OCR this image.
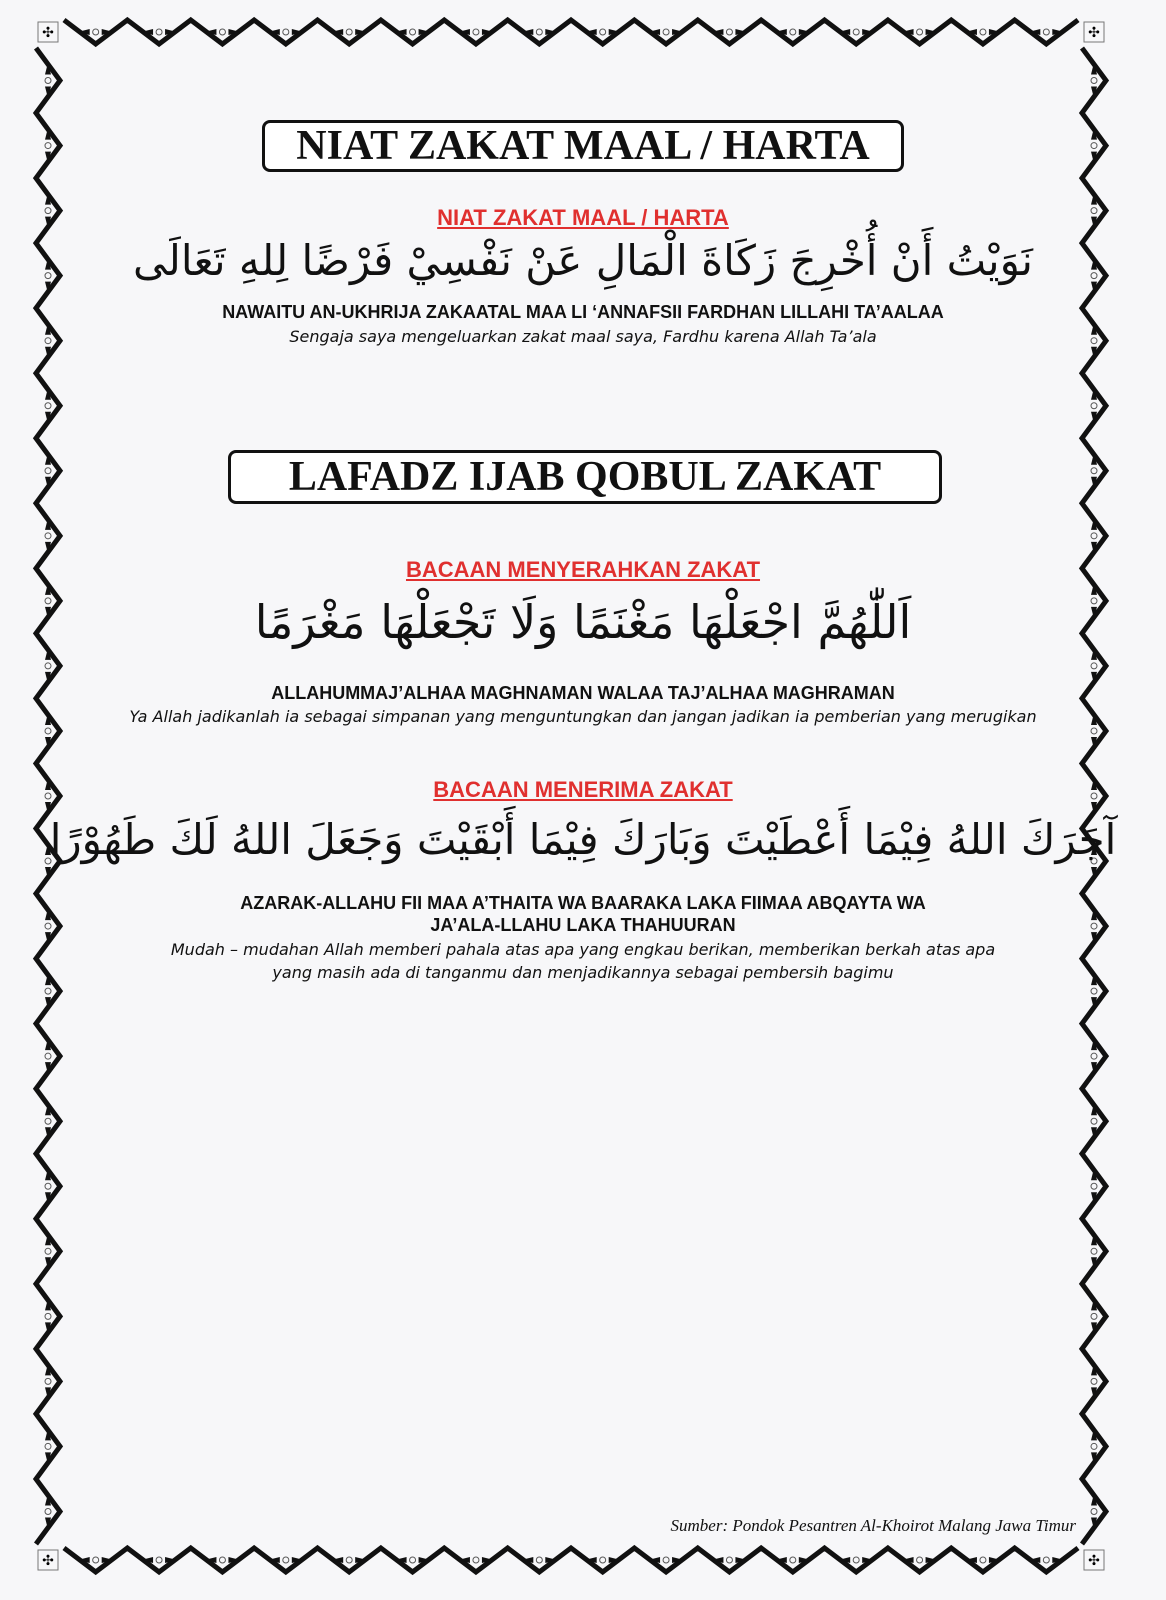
✣	✣
✣	✣
NIAT ZAKAT MAAL / HARTA
NIAT ZAKAT MAAL / HARTA
نَوَيْتُ أَنْ أُخْرِجَ زَكَاةَ الْمَالِ عَنْ نَفْسِيْ فَرْضًا لِلهِ تَعَالَى
NAWAITU AN-UKHRIJA ZAKAATAL MAA LI ‘ANNAFSII FARDHAN LILLAHI TA’AALAA
Sengaja saya mengeluarkan zakat maal saya, Fardhu karena Allah Ta’ala
LAFADZ IJAB QOBUL ZAKAT
BACAAN MENYERAHKAN ZAKAT
اَللّٰهُمَّ اجْعَلْهَا مَغْنَمًا وَلَا تَجْعَلْهَا مَغْرَمًا
ALLAHUMMAJ’ALHAA MAGHNAMAN WALAA TAJ’ALHAA MAGHRAMAN
Ya Allah jadikanlah ia sebagai simpanan yang menguntungkan dan jangan jadikan ia pemberian yang merugikan
BACAAN MENERIMA ZAKAT
آجَرَكَ اللهُ فِيْمَا أَعْطَيْتَ وَبَارَكَ فِيْمَا أَبْقَيْتَ وَجَعَلَ اللهُ لَكَ طَهُوْرًا
AZARAK-ALLAHU FII MAA A’THAITA WA BAARAKA LAKA FIIMAA ABQAYTA WA
JA’ALA-LLAHU LAKA THAHUURAN
Mudah – mudahan Allah memberi pahala atas apa yang engkau berikan, memberikan berkah atas apa
yang masih ada di tanganmu dan menjadikannya sebagai pembersih bagimu
Sumber: Pondok Pesantren Al-Khoirot Malang Jawa Timur
